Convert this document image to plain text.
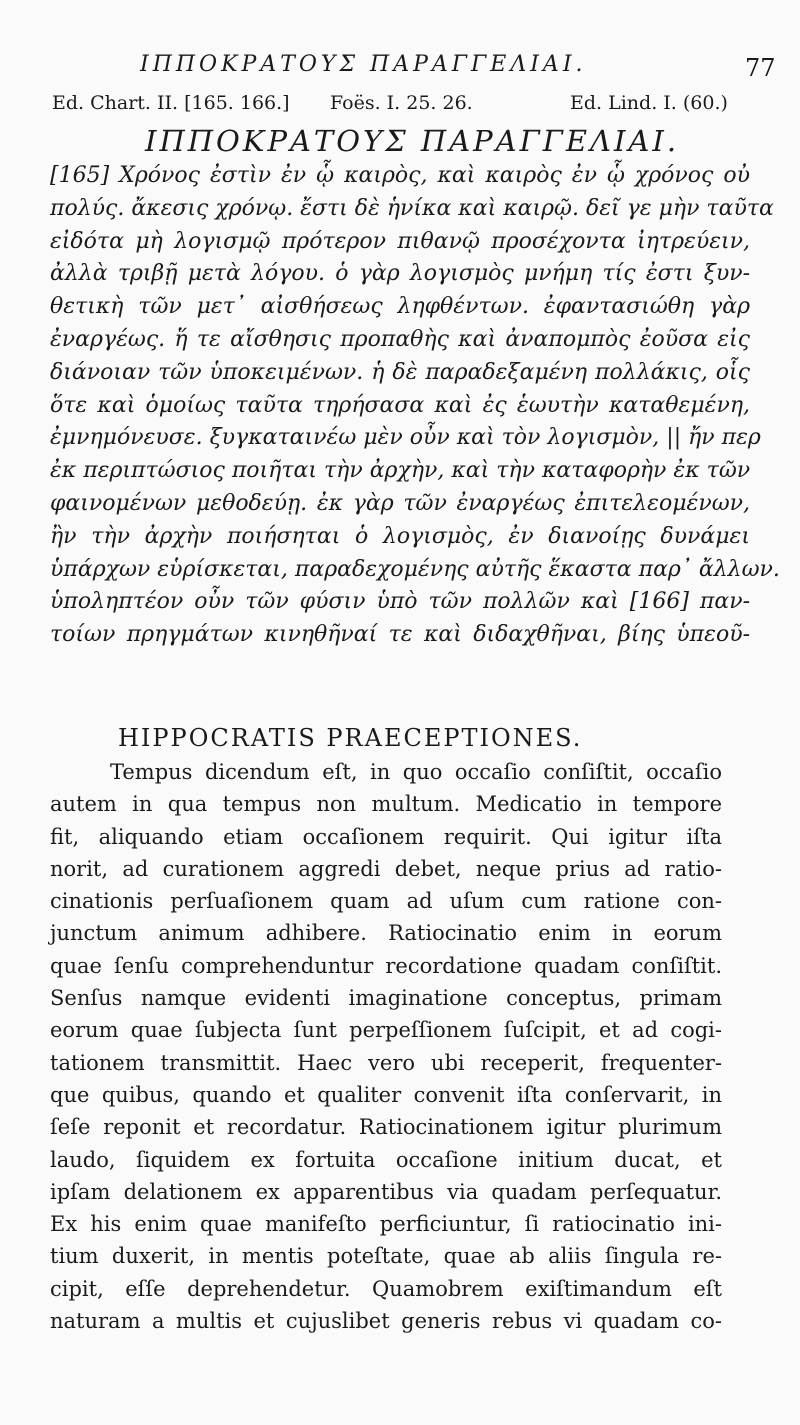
ΙΠΠΟΚΡΑΤΟΥΣ ΠΑΡΑΓΓΕΛΙΑΙ.	77
Ed. Chart. II. [165. 166.] Foës. I. 25. 26.	Ed. Lind. I. (60.)
ΙΠΠΟΚΡΑΤΟΥΣ ΠΑΡΑΓΓΕΛΙΑΙ.
[165] Χρόνος ἐστὶν ἐν ᾧ καιρὸς, καὶ καιρὸς ἐν ᾧ χρόνος οὐ
πολύς. ἄκεσις χρόνῳ. ἔστι δὲ ἡνίκα καὶ καιρῷ. δεῖ γε μὴν ταῦτα
εἰδότα μὴ λογισμῷ πρότερον πιθανῷ προσέχοντα ἰητρεύειν,
ἀλλὰ τριβῇ μετὰ λόγου. ὁ γὰρ λογισμὸς μνήμη τίς ἐστι ξυν-
θετικὴ τῶν μετ᾽ αἰσθήσεως ληφθέντων. ἐφαντασιώθη γὰρ
ἐναργέως. ἥ τε αἴσθησις προπαθὴς καὶ ἀναπομπὸς ἐοῦσα εἰς
διάνοιαν τῶν ὑποκειμένων. ἡ δὲ παραδεξαμένη πολλάκις, οἷς
ὅτε καὶ ὁμοίως ταῦτα τηρήσασα καὶ ἐς ἑωυτὴν καταθεμένη,
ἐμνημόνευσε. ξυγκαταινέω μὲν οὖν καὶ τὸν λογισμὸν, || ἤν περ
ἐκ περιπτώσιος ποιῆται τὴν ἀρχὴν, καὶ τὴν καταφορὴν ἐκ τῶν
φαινομένων μεθοδεύῃ. ἐκ γὰρ τῶν ἐναργέως ἐπιτελεομένων,
ἢν τὴν ἀρχὴν ποιήσηται ὁ λογισμὸς, ἐν διανοίῃς δυνάμει
ὑπάρχων εὑρίσκεται, παραδεχομένης αὐτῆς ἕκαστα παρ᾽ ἄλλων.
ὑποληπτέον οὖν τῶν φύσιν ὑπὸ τῶν πολλῶν καὶ [166] παν-
τοίων πρηγμάτων κινηθῆναί τε καὶ διδαχθῆναι, βίης ὑπεοῦ-
HIPPOCRATIS PRAECEPTIONES.
Tempus dicendum eſt, in quo occaſio conſiſtit, occaſio
autem in qua tempus non multum. Medicatio in tempore
fit, aliquando etiam occaſionem requirit. Qui igitur iſta
norit, ad curationem aggredi debet, neque prius ad ratio-
cinationis perſuaſionem quam ad uſum cum ratione con-
junctum animum adhibere. Ratiocinatio enim in eorum
quae ſenſu comprehenduntur recordatione quadam conſiſtit.
Senſus namque evidenti imaginatione conceptus, primam
eorum quae ſubjecta ſunt perpeſſionem ſuſcipit, et ad cogi-
tationem transmittit. Haec vero ubi receperit, frequenter-
que quibus, quando et qualiter convenit iſta conſervarit, in
ſeſe reponit et recordatur. Ratiocinationem igitur plurimum
laudo, ſiquidem ex fortuita occaſione initium ducat, et
ipſam delationem ex apparentibus via quadam perſequatur.
Ex his enim quae manifeſto perficiuntur, ſi ratiocinatio ini-
tium duxerit, in mentis poteſtate, quae ab aliis ſingula re-
cipit, eſſe deprehendetur. Quamobrem exiſtimandum eſt
naturam a multis et cujuslibet generis rebus vi quadam co-
